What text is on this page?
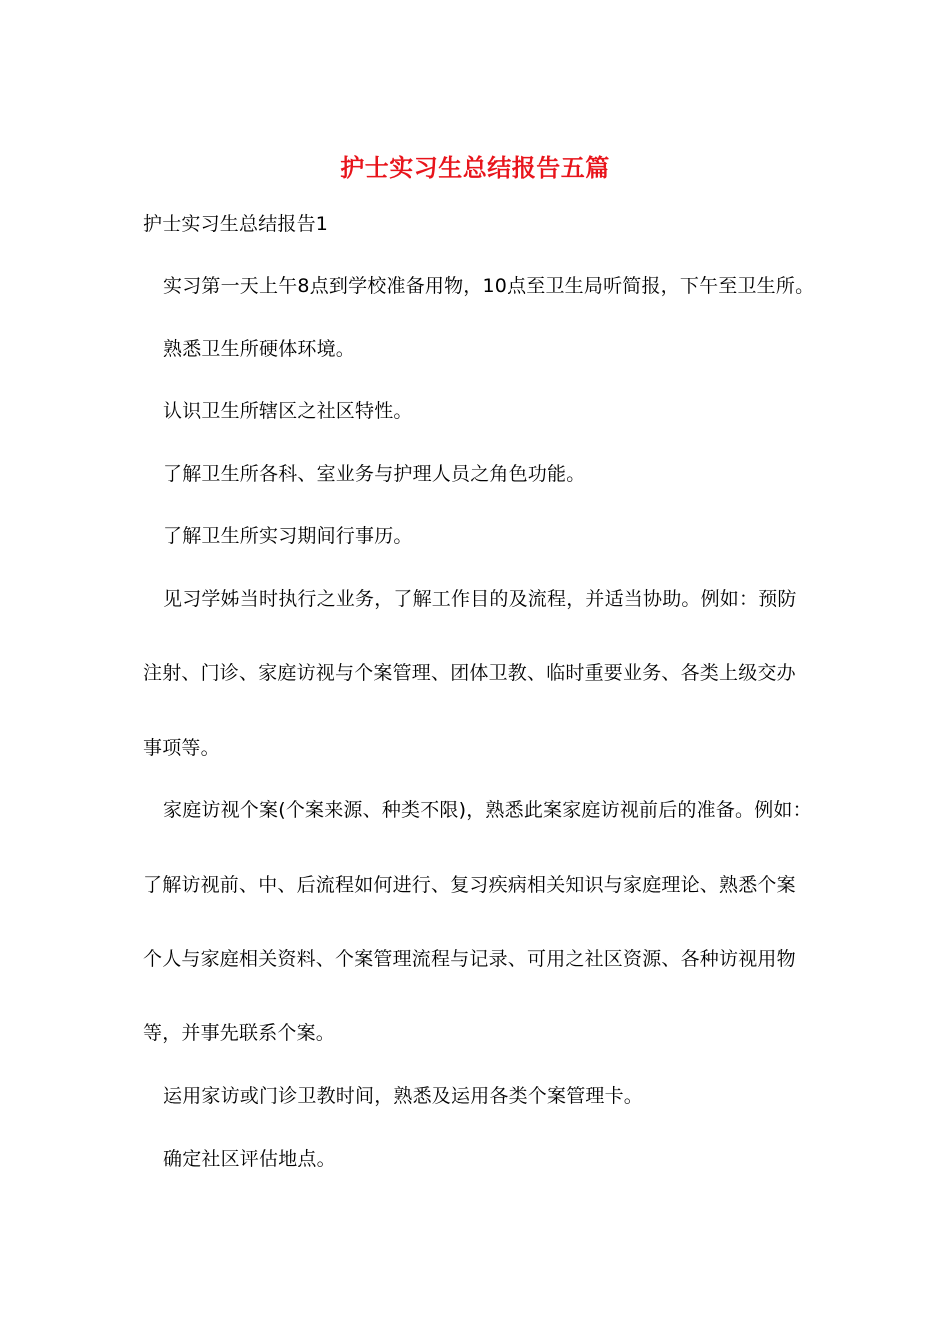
护士实习生总结报告五篇
护士实习生总结报告1
实习第一天上午8点到学校准备用物，10点至卫生局听简报，下午至卫生所。
熟悉卫生所硬体环境。
认识卫生所辖区之社区特性。
了解卫生所各科、室业务与护理人员之角色功能。
了解卫生所实习期间行事历。
见习学姊当时执行之业务，了解工作目的及流程，并适当协助。例如：预防
注射、门诊、家庭访视与个案管理、团体卫教、临时重要业务、各类上级交办
事项等。
家庭访视个案(个案来源、种类不限)，熟悉此案家庭访视前后的准备。例如：
了解访视前、中、后流程如何进行、复习疾病相关知识与家庭理论、熟悉个案
个人与家庭相关资料、个案管理流程与记录、可用之社区资源、各种访视用物
等，并事先联系个案。
运用家访或门诊卫教时间，熟悉及运用各类个案管理卡。
确定社区评估地点。
